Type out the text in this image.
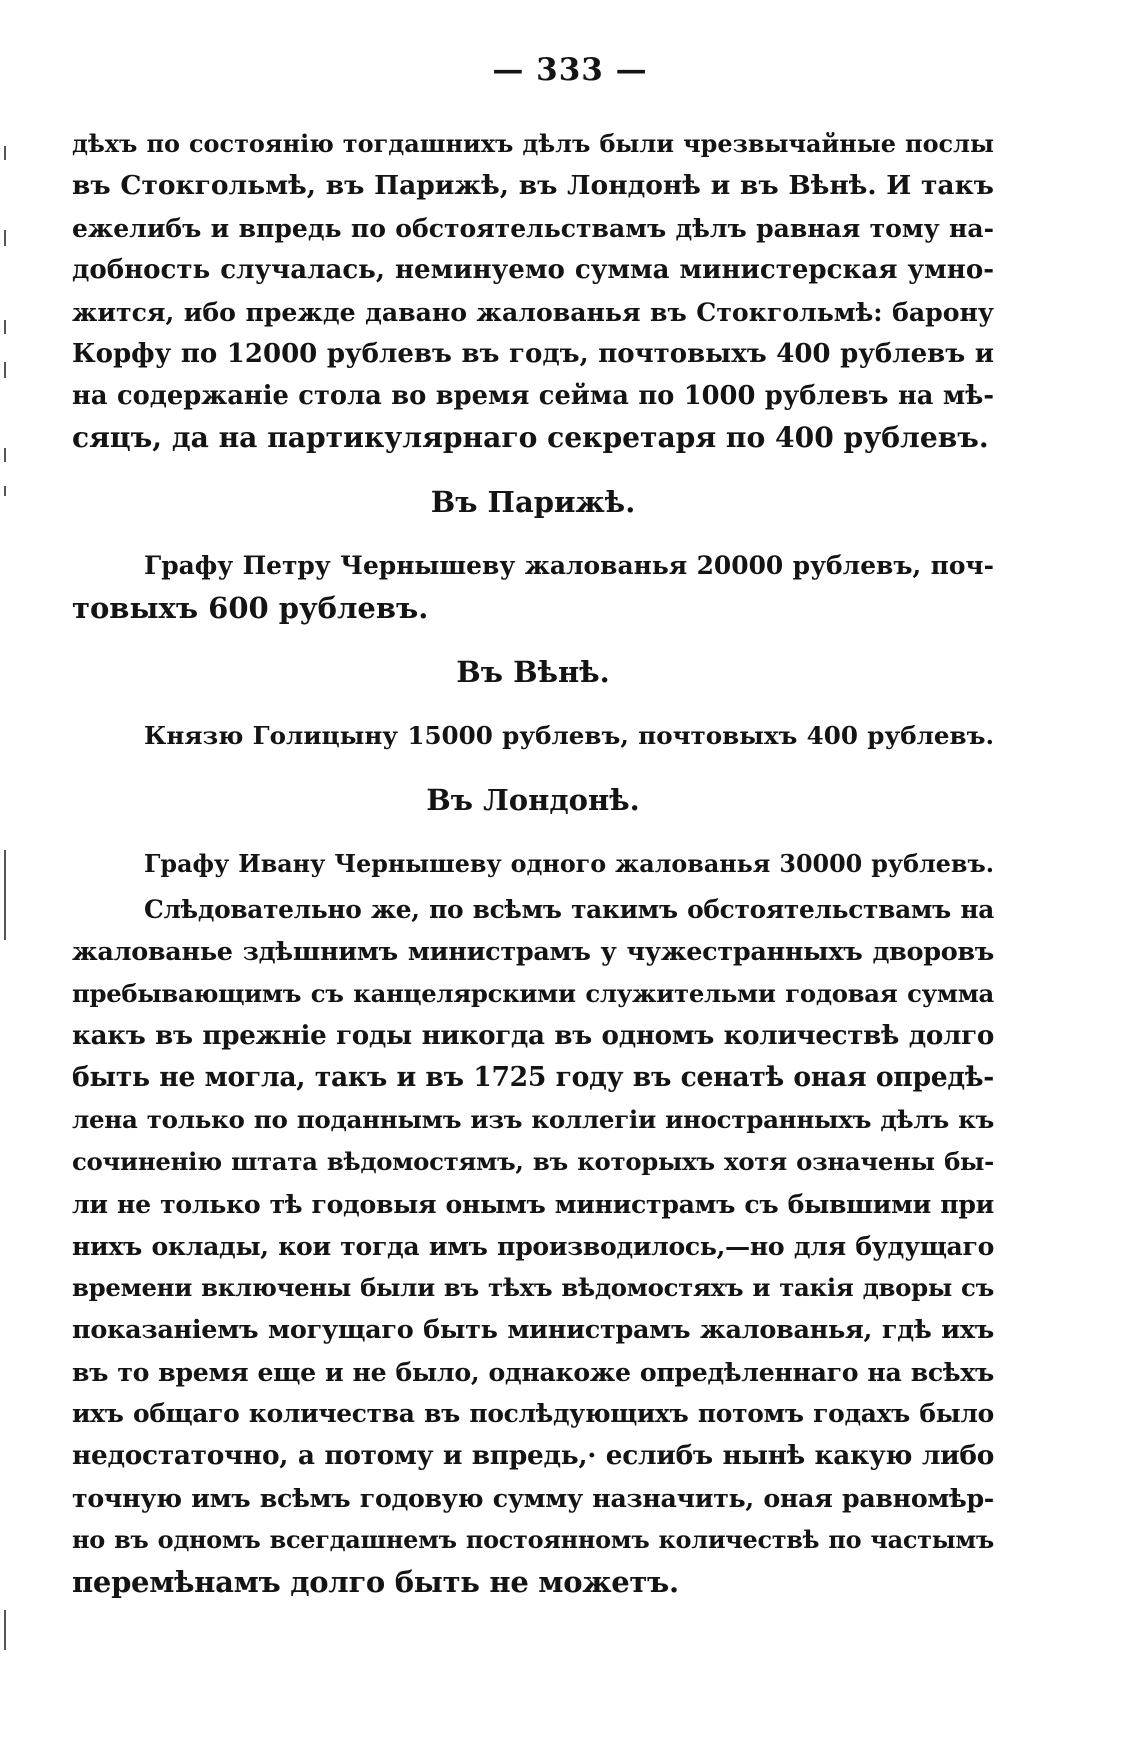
— 333 —
дѣхъ по состоянію тогдашнихъ дѣлъ были чрезвычайные послы
въ Стокгольмѣ, въ Парижѣ, въ Лондонѣ и въ Вѣнѣ. И такъ
ежелибъ и впредь по обстоятельствамъ дѣлъ равная тому на-
добность случалась, неминуемо сумма министерская умно-
жится, ибо прежде давано жалованья въ Стокгольмѣ: барону
Корфу по 12000 рублевъ въ годъ, почтовыхъ 400 рублевъ и
на содержаніе стола во время сейма по 1000 рублевъ на мѣ-
сяцъ, да на партикулярнаго секретаря по 400 рублевъ.
Въ Парижѣ.
Графу Петру Чернышеву жалованья 20000 рублевъ, поч-
товыхъ 600 рублевъ.
Въ Вѣнѣ.
Князю Голицыну 15000 рублевъ, почтовыхъ 400 рублевъ.
Въ Лондонѣ.
Графу Ивану Чернышеву одного жалованья 30000 рублевъ.
Слѣдовательно же, по всѣмъ такимъ обстоятельствамъ на
жалованье здѣшнимъ министрамъ у чужестранныхъ дворовъ
пребывающимъ съ канцелярскими служительми годовая сумма
какъ въ прежніе годы никогда въ одномъ количествѣ долго
быть не могла, такъ и въ 1725 году въ сенатѣ оная опредѣ-
лена только по поданнымъ изъ коллегіи иностранныхъ дѣлъ къ
сочиненію штата вѣдомостямъ, въ которыхъ хотя означены бы-
ли не только тѣ годовыя онымъ министрамъ съ бывшими при
нихъ оклады, кои тогда имъ производилось,—но для будущаго
времени включены были въ тѣхъ вѣдомостяхъ и такія дворы съ
показаніемъ могущаго быть министрамъ жалованья, гдѣ ихъ
въ то время еще и не было, однакоже опредѣленнаго на всѣхъ
ихъ общаго количества въ послѣдующихъ потомъ годахъ было
недостаточно, а потому и впредь,· еслибъ нынѣ какую либо
точную имъ всѣмъ годовую сумму назначить, оная равномѣр-
но въ одномъ всегдашнемъ постоянномъ количествѣ по частымъ
перемѣнамъ долго быть не можетъ.
